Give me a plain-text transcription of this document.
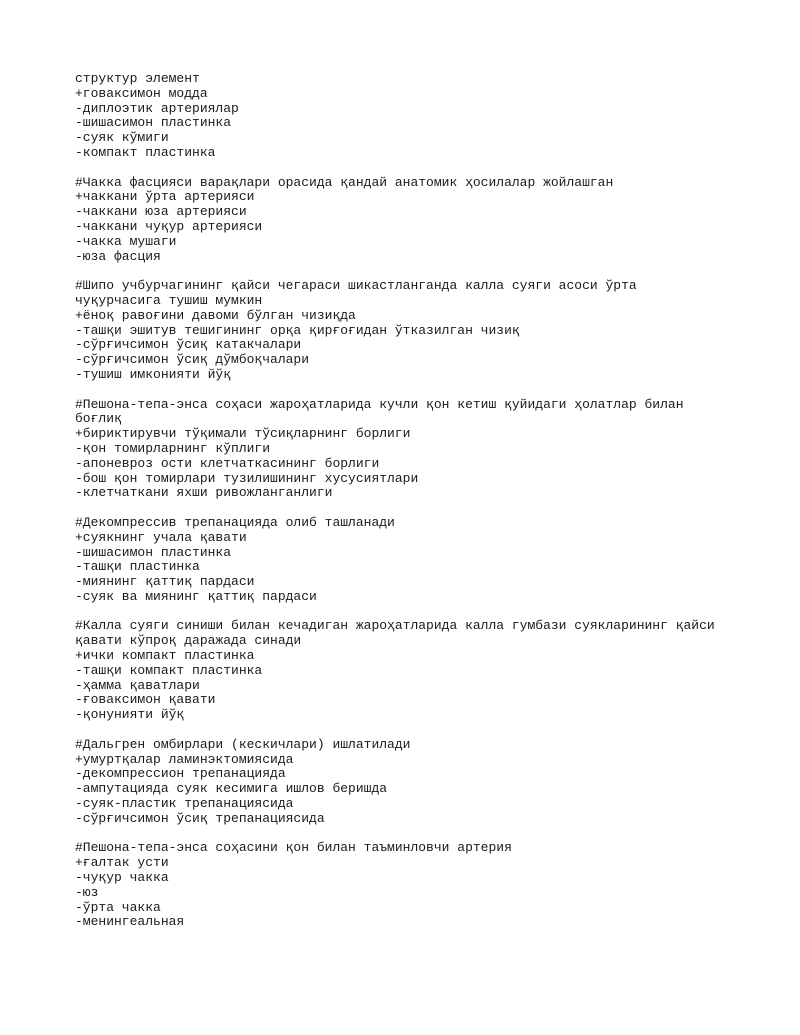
структур элемент
+говаксимон модда
-диплоэтик артериялар
-шишасимон пластинка
-суяк кўмиги
-компакт пластинка
#Чакка фасцияси варақлари орасида қандай анатомик ҳосилалар жойлашган
+чаккани ўрта артерияси
-чаккани юза артерияси
-чаккани чуқур артерияси
-чакка мушаги
-юза фасция
#Шипо учбурчагининг қайси чегараси шикастланганда калла суяги асоси ўрта
чуқурчасига тушиш мумкин
+ёноқ равоғини давоми бўлган чизиқда
-ташқи эшитув тешигининг орқа қирғоғидан ўтказилган чизиқ
-сўрғичсимон ўсиқ катакчалари
-сўрғичсимон ўсиқ дўмбоқчалари
-тушиш имконияти йўқ
#Пешона-тепа-энса соҳаси жароҳатларида кучли қон кетиш қуйидаги ҳолатлар билан
боғлиқ
+бириктирувчи тўқимали тўсиқларнинг борлиги
-қон томирларнинг кўплиги
-апоневроз ости клетчаткасининг борлиги
-бош қон томирлари тузилишининг хусусиятлари
-клетчаткани яхши ривожланганлиги
#Декомпрессив трепанацияда олиб ташланади
+суякнинг учала қавати
-шишасимон пластинка
-ташқи пластинка
-миянинг қаттиқ пардаси
-суяк ва миянинг қаттиқ пардаси
#Калла суяги синиши билан кечадиган жароҳатларида калла гумбази суякларининг қайси
қавати кўпроқ даражада синади
+ички компакт пластинка
-ташқи компакт пластинка
-ҳамма қаватлари
-ғоваксимон қавати
-қонунияти йўқ
#Дальгрен омбирлари (кескичлари) ишлатилади
+умуртқалар ламинэктомиясида
-декомпрессион трепанацияда
-ампутацияда суяк кесимига ишлов беришда
-суяк-пластик трепанациясида
-сўрғичсимон ўсиқ трепанациясида
#Пешона-тепа-энса соҳасини қон билан таъминловчи артерия
+ғалтак усти
-чуқур чакка
-юз
-ўрта чакка
-менингеальная
